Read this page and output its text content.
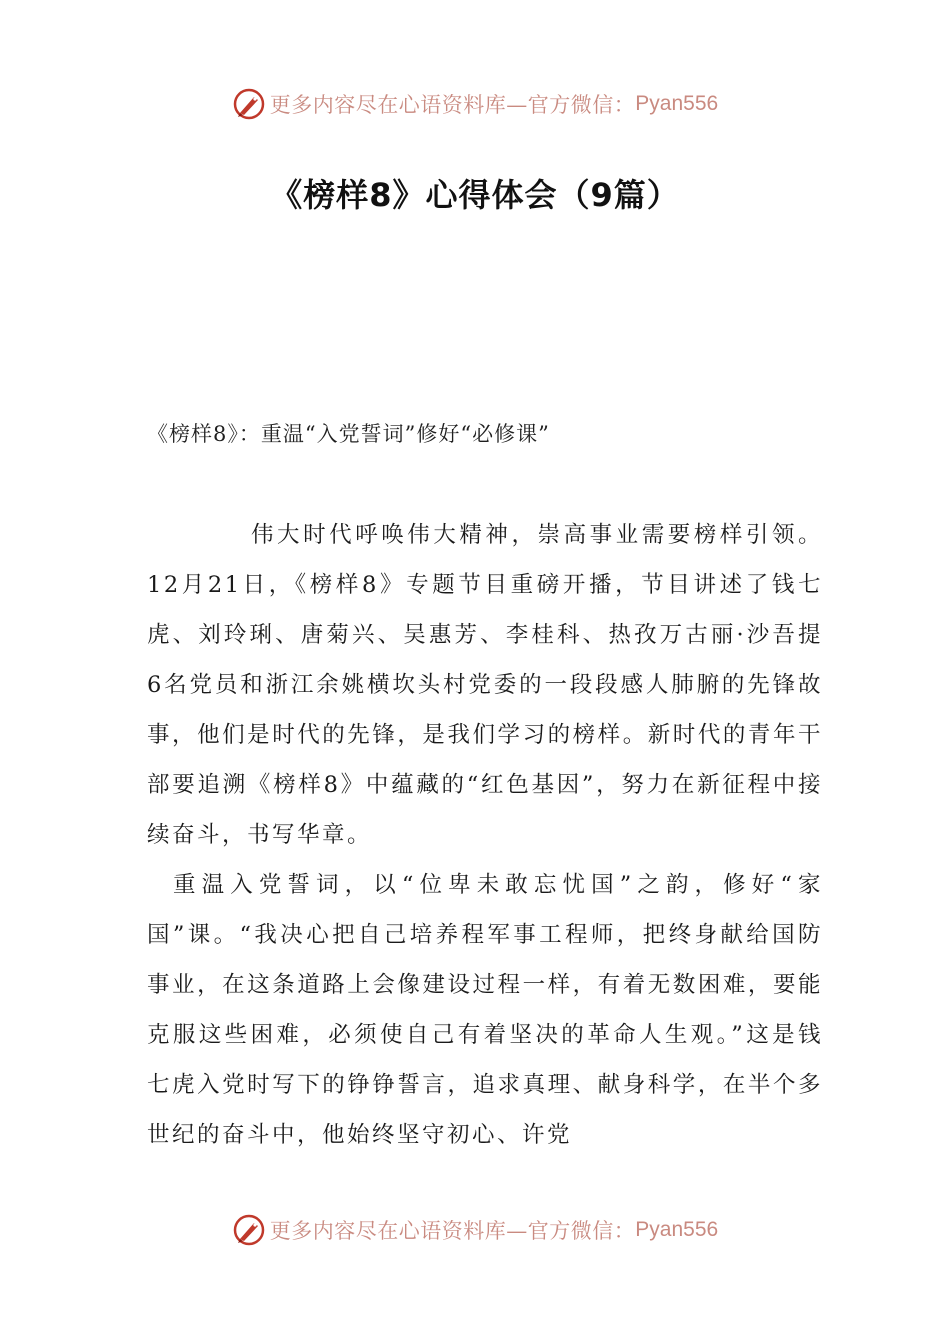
更多内容尽在心语资料库—官方微信： Pyan556
《榜样8》心得体会（9篇）

《榜样8》：重温“入党誓词”修好“必修课”

伟大时代呼唤伟大精神，崇高事业需要榜样引领。12月21日，《榜样8》专题节目重磅开播，节目讲述了钱七虎、刘玲琍、唐菊兴、吴惠芳、李桂科、热孜万古丽·沙吾提6名党员和浙江余姚横坎头村党委的一段段感人肺腑的先锋故事，他们是时代的先锋，是我们学习的榜样。新时代的青年干部要追溯《榜样8》中蕴藏的“红色基因”，努力在新征程中接续奋斗，书写华章。

重温入党誓词，以“位卑未敢忘忧国”之韵，修好“家国”课。“我决心把自己培养程军事工程师，把终身献给国防事业，在这条道路上会像建设过程一样，有着无数困难，要能克服这些困难，必须使自己有着坚决的革命人生观。”这是钱七虎入党时写下的铮铮誓言，追求真理、献身科学，在半个多世纪的奋斗中，他始终坚守初心、许党

更多内容尽在心语资料库—官方微信： Pyan556
